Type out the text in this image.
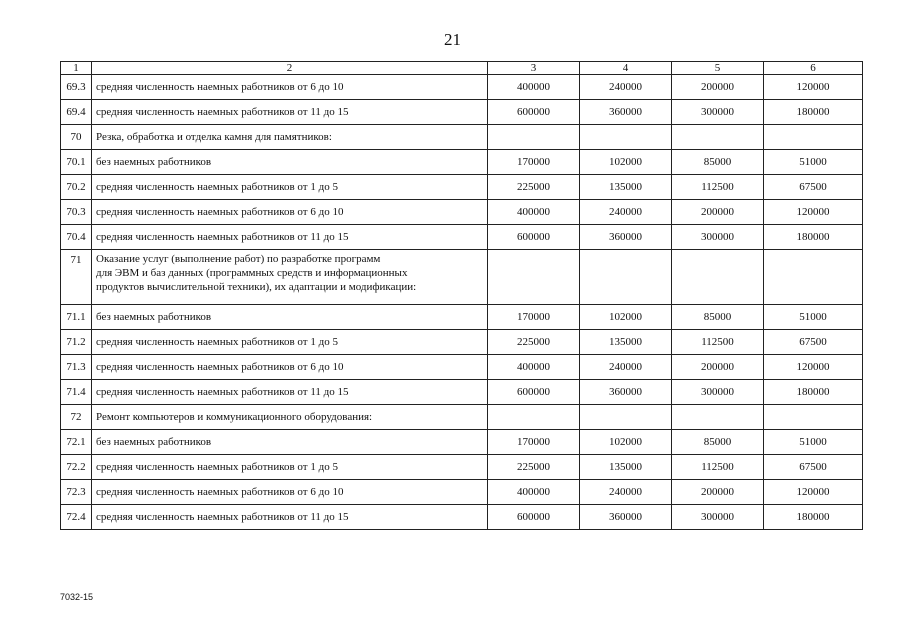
21
1	2	3	4	5	6
69.3	средняя численность наемных работников от 6 до 10	400000	240000	200000	120000
69.4	средняя численность наемных работников от 11 до 15	600000	360000	300000	180000
70	Резка, обработка и отделка камня для памятников:				
70.1	без наемных работников	170000	102000	85000	51000
70.2	средняя численность наемных работников от 1 до 5	225000	135000	112500	67500
70.3	средняя численность наемных работников от 6 до 10	400000	240000	200000	120000
70.4	средняя численность наемных работников от 11 до 15	600000	360000	300000	180000
71	Оказание услуг (выполнение работ) по разработке программ
для ЭВМ и баз данных (программных средств и информационных
продуктов вычислительной техники), их адаптации и модификации:				

71.1	без наемных работников	170000	102000	85000	51000
71.2	средняя численность наемных работников от 1 до 5	225000	135000	112500	67500
71.3	средняя численность наемных работников от 6 до 10	400000	240000	200000	120000
71.4	средняя численность наемных работников от 11 до 15	600000	360000	300000	180000
72	Ремонт компьютеров и коммуникационного оборудования:				
72.1	без наемных работников	170000	102000	85000	51000
72.2	средняя численность наемных работников от 1 до 5	225000	135000	112500	67500
72.3	средняя численность наемных работников от 6 до 10	400000	240000	200000	120000
72.4	средняя численность наемных работников от 11 до 15	600000	360000	300000	180000
7032-15
